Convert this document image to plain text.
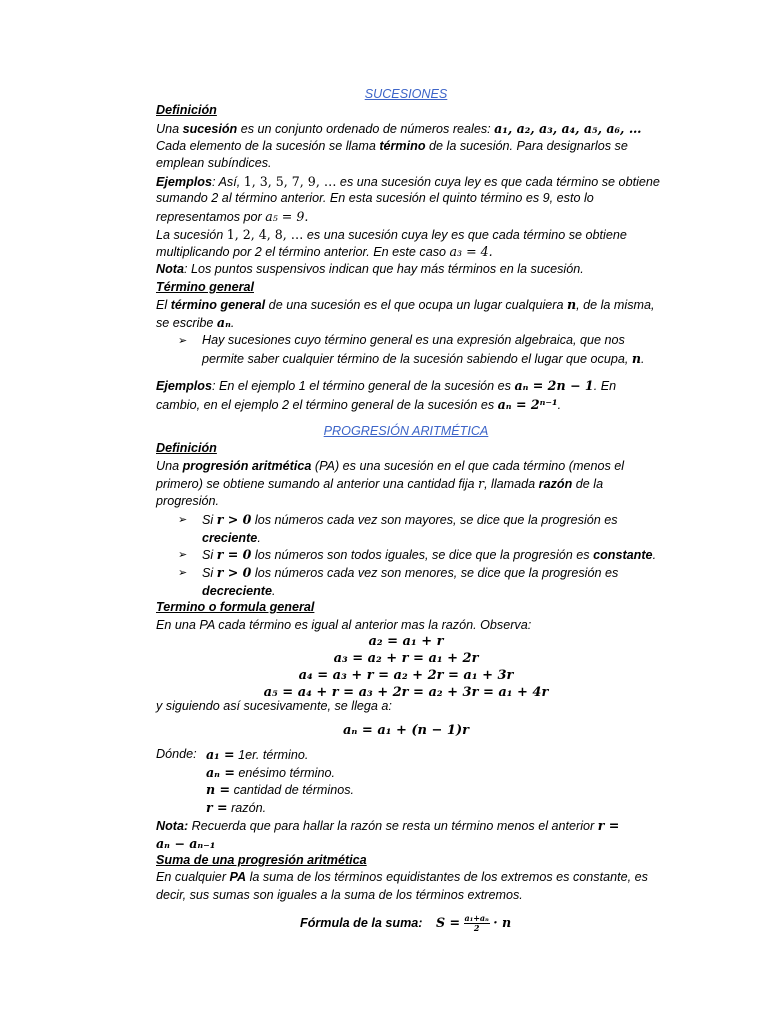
SUCESIONES

Definición

Una sucesión es un conjunto ordenado de números reales: a₁, a₂, a₃, a₄, a₅, a₆, …

Cada elemento de la sucesión se llama término de la sucesión. Para designarlos se

emplean subíndices.

Ejemplos: Así, 1, 3, 5, 7, 9, … es una sucesión cuya ley es que cada término se obtiene

sumando 2 al término anterior. En esta sucesión el quinto término es 9, esto lo

representamos por a₅ = 9.

La sucesión 1, 2, 4, 8, … es una sucesión cuya ley es que cada término se obtiene

multiplicando por 2 el término anterior. En este caso a₃ = 4.

Nota: Los puntos suspensivos indican que hay más términos en la sucesión.

Término general

El término general de una sucesión es el que ocupa un lugar cualquiera n, de la misma,

se escribe aₙ.

➢ Hay sucesiones cuyo término general es una expresión algebraica, que nos
permite saber cualquier término de la sucesión sabiendo el lugar que ocupa, n.

Ejemplos: En el ejemplo 1 el término general de la sucesión es aₙ = 2n − 1. En

cambio, en el ejemplo 2 el término general de la sucesión es aₙ = 2ⁿ⁻¹.

PROGRESIÓN ARITMÉTICA

Definición

Una progresión aritmética (PA) es una sucesión en el que cada término (menos el

primero) se obtiene sumando al anterior una cantidad fija r, llamada razón de la

progresión.

➢ Si r > 0 los números cada vez son mayores, se dice que la progresión es
creciente.
➢ Si r = 0 los números son todos iguales, se dice que la progresión es constante.
➢ Si r > 0 los números cada vez son menores, se dice que la progresión es
decreciente.

Termino o formula general

En una PA cada término es igual al anterior mas la razón. Observa:

a₂ = a₁ + r
a₃ = a₂ + r = a₁ + 2r
a₄ = a₃ + r = a₂ + 2r = a₁ + 3r
a₅ = a₄ + r = a₃ + 2r = a₂ + 3r = a₁ + 4r

y siguiendo así sucesivamente, se llega a:

aₙ = a₁ + (n − 1)r

Dónde: a₁ = 1er. término.
aₙ = enésimo término.
n = cantidad de términos.
r = razón.

Nota: Recuerda que para hallar la razón se resta un término menos el anterior r =

aₙ − aₙ₋₁

Suma de una progresión aritmética

En cualquier PA la suma de los términos equidistantes de los extremos es constante, es

decir, sus sumas son iguales a la suma de los términos extremos.

Fórmula de la suma: $S = \frac{\text{a₁+aₙ}}{2} \cdot n$
